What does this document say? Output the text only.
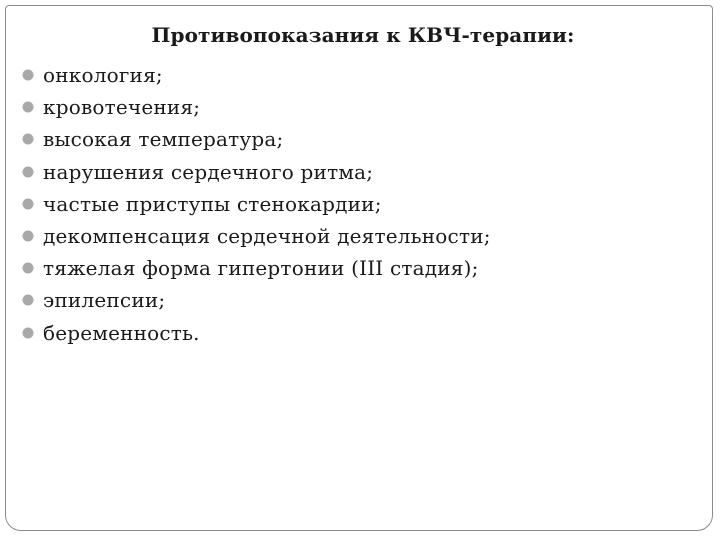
Противопоказания к КВЧ-терапии:
онкология;
кровотечения;
высокая температура;
нарушения сердечного ритма;
частые приступы стенокардии;
декомпенсация сердечной деятельности;
тяжелая форма гипертонии (III стадия);
эпилепсии;
беременность.
